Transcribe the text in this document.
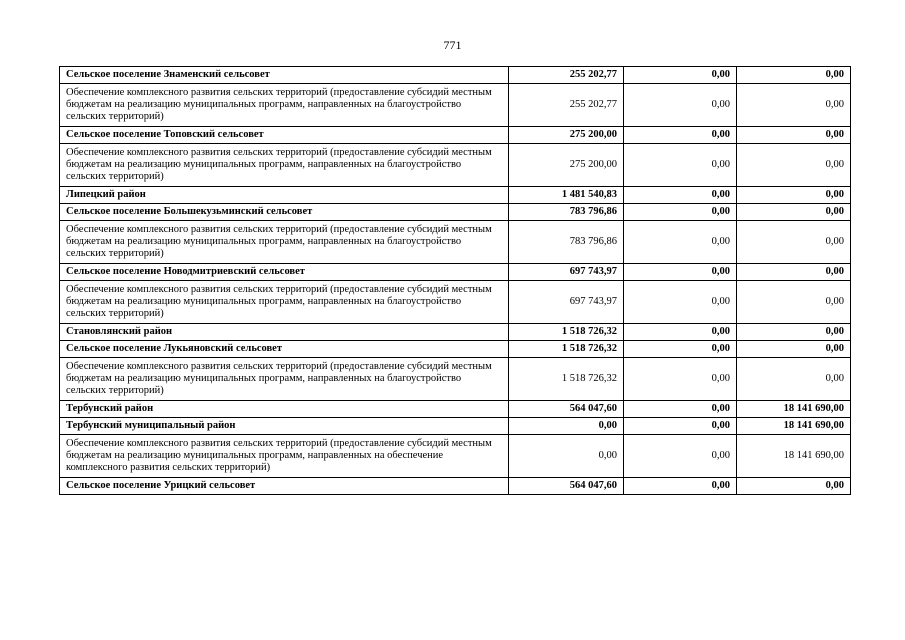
771
Сельское поселение Знаменский сельсовет	255 202,77	0,00	0,00
Обеспечение комплексного развития сельских территорий (предоставление субсидий местным бюджетам на реализацию муниципальных программ, направленных на благоустройство сельских территорий)	255 202,77	0,00	0,00
Сельское поселение Топовский сельсовет	275 200,00	0,00	0,00
Обеспечение комплексного развития сельских территорий (предоставление субсидий местным бюджетам на реализацию муниципальных программ, направленных на благоустройство сельских территорий)	275 200,00	0,00	0,00
Липецкий район	1 481 540,83	0,00	0,00
Сельское поселение Большекузьминский сельсовет	783 796,86	0,00	0,00
Обеспечение комплексного развития сельских территорий (предоставление субсидий местным бюджетам на реализацию муниципальных программ, направленных на благоустройство сельских территорий)	783 796,86	0,00	0,00
Сельское поселение Новодмитриевский сельсовет	697 743,97	0,00	0,00
Обеспечение комплексного развития сельских территорий (предоставление субсидий местным бюджетам на реализацию муниципальных программ, направленных на благоустройство сельских территорий)	697 743,97	0,00	0,00
Становлянский район	1 518 726,32	0,00	0,00
Сельское поселение Лукьяновский сельсовет	1 518 726,32	0,00	0,00
Обеспечение комплексного развития сельских территорий (предоставление субсидий местным бюджетам на реализацию муниципальных программ, направленных на благоустройство сельских территорий)	1 518 726,32	0,00	0,00
Тербунский район	564 047,60	0,00	18 141 690,00
Тербунский муниципальный район	0,00	0,00	18 141 690,00
Обеспечение комплексного развития сельских территорий (предоставление субсидий местным бюджетам на реализацию муниципальных программ, направленных на обеспечение комплексного развития сельских территорий)	0,00	0,00	18 141 690,00
Сельское поселение Урицкий сельсовет	564 047,60	0,00	0,00
